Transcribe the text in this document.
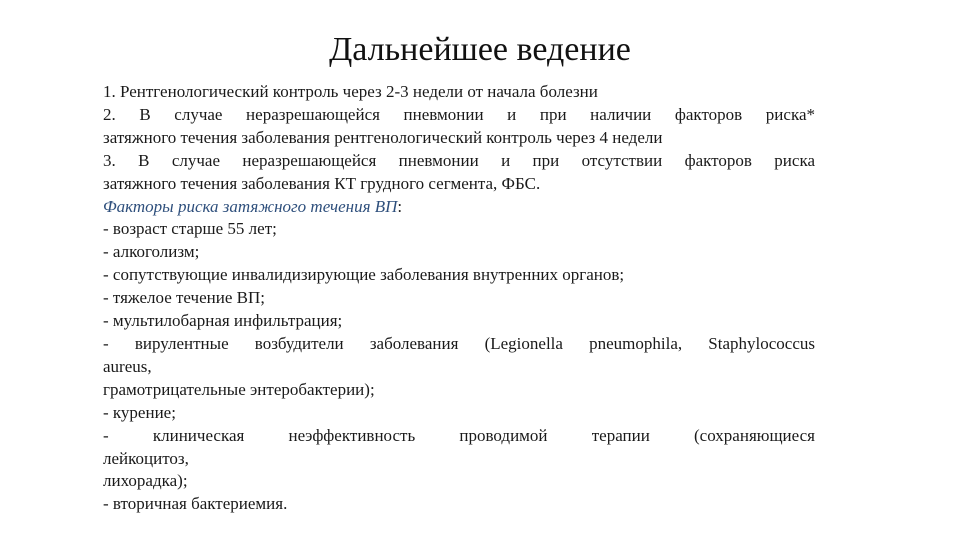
Дальнейшее ведение

1. Рентгенологический контроль через 2-3 недели от начала болезни

2. В случае неразрешающейся пневмонии и при наличии факторов риска*

затяжного течения заболевания рентгенологический контроль через 4 недели

3. В случае неразрешающейся пневмонии и при отсутствии факторов риска

затяжного течения заболевания КТ грудного сегмента, ФБС.

Факторы риска затяжного течения ВП:

- возраст старше 55 лет;

- алкоголизм;

- сопутствующие инвалидизирующие заболевания внутренних органов;

- тяжелое течение ВП;

- мультилобарная инфильтрация;

- вирулентные возбудители заболевания (Legionella pneumophila, Staphylococcus

aureus,

грамотрицательные энтеробактерии);

- курение;

- клиническая неэффективность проводимой терапии (сохраняющиеся

лейкоцитоз,

лихорадка);

- вторичная бактериемия.
